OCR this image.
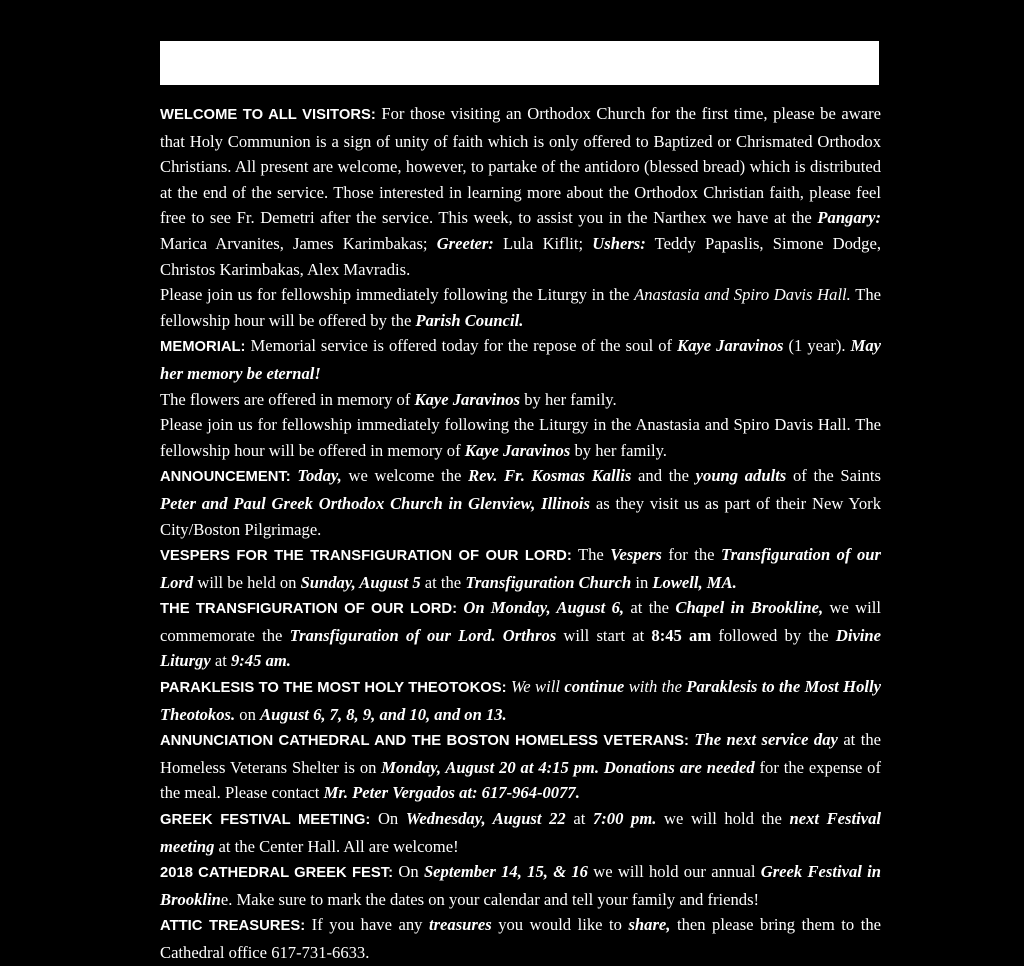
WELCOME TO ALL VISITORS: For those visiting an Orthodox Church for the first time, please be aware that Holy Communion is a sign of unity of faith which is only offered to Baptized or Chrismated Orthodox Christians. All present are welcome, however, to partake of the antidoro (blessed bread) which is distributed at the end of the service. Those interested in learning more about the Orthodox Christian faith, please feel free to see Fr. Demetri after the service. This week, to assist you in the Narthex we have at the Pangary: Marica Arvanites, James Karimbakas; Greeter: Lula Kiflit; Ushers: Teddy Papaslis, Simone Dodge, Christos Karimbakas, Alex Mavradis.

Please join us for fellowship immediately following the Liturgy in the Anastasia and Spiro Davis Hall. The fellowship hour will be offered by the Parish Council.

MEMORIAL: Memorial service is offered today for the repose of the soul of Kaye Jaravinos (1 year). May her memory be eternal!

The flowers are offered in memory of Kaye Jaravinos by her family.

Please join us for fellowship immediately following the Liturgy in the Anastasia and Spiro Davis Hall. The fellowship hour will be offered in memory of Kaye Jaravinos by her family.

ANNOUNCEMENT: Today, we welcome the Rev. Fr. Kosmas Kallis and the young adults of the Saints Peter and Paul Greek Orthodox Church in Glenview, Illinois as they visit us as part of their New York City/Boston Pilgrimage.

VESPERS FOR THE TRANSFIGURATION OF OUR LORD: The Vespers for the Transfiguration of our Lord will be held on Sunday, August 5 at the Transfiguration Church in Lowell, MA.

THE TRANSFIGURATION OF OUR LORD: On Monday, August 6, at the Chapel in Brookline, we will commemorate the Transfiguration of our Lord. Orthros will start at 8:45 am followed by the Divine Liturgy at 9:45 am.

PARAKLESIS TO THE MOST HOLY THEOTOKOS: We will continue with the Paraklesis to the Most Holly Theotokos. on August 6, 7, 8, 9, and 10, and on 13.

ANNUNCIATION CATHEDRAL AND THE BOSTON HOMELESS VETERANS: The next service day at the Homeless Veterans Shelter is on Monday, August 20 at 4:15 pm. Donations are needed for the expense of the meal. Please contact Mr. Peter Vergados at: 617-964-0077.

GREEK FESTIVAL MEETING: On Wednesday, August 22 at 7:00 pm. we will hold the next Festival meeting at the Center Hall. All are welcome!

2018 CATHEDRAL GREEK FEST: On September 14, 15, & 16 we will hold our annual Greek Festival in Brookline. Make sure to mark the dates on your calendar and tell your family and friends!

ATTIC TREASURES: If you have any treasures you would like to share, then please bring them to the Cathedral office 617-731-6633.
